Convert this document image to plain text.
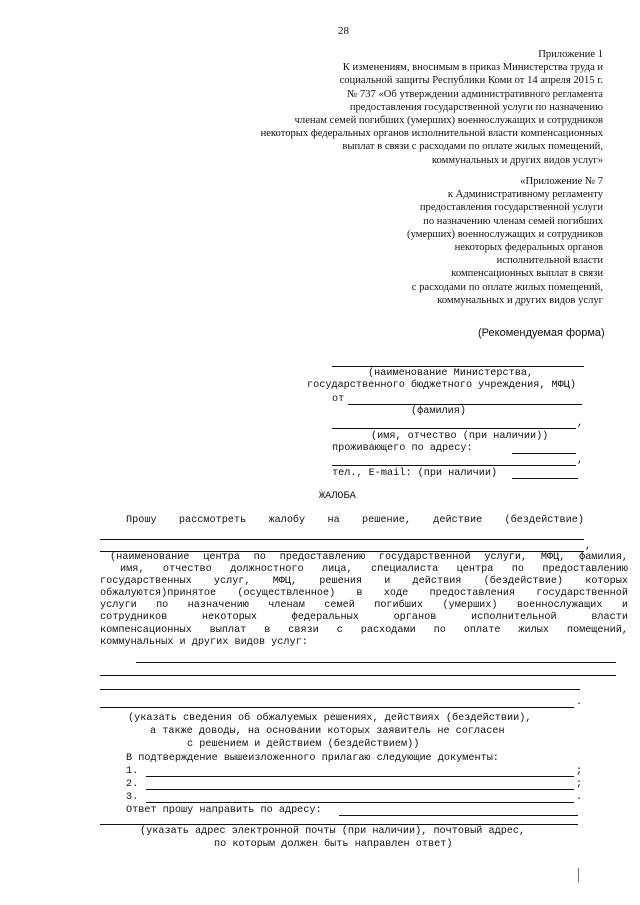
28
Приложение 1
К изменениям, вносимым в приказ Министерства труда и
социальной защиты Республики Коми от 14 апреля 2015 г.
№ 737 «Об утверждении административного регламента
предоставления государственной услуги по назначению
членам семей погибших (умерших) военнослужащих и сотрудников
некоторых федеральных органов исполнительной власти компенсационных
выплат в связи с расходами по оплате жилых помещений,
коммунальных и других видов услуг»
«Приложение № 7
к Административному регламенту
предоставления государственной услуги
по назначению членам семей погибших
(умерших) военнослужащих и сотрудников
некоторых федеральных органов
исполнительной власти
компенсационных выплат в связи
с расходами по оплате жилых помещений,
коммунальных и других видов услуг
(Рекомендуемая форма)
(наименование Министерства,
государственного бюджетного учреждения, МФЦ)
от
(фамилия)
,
(имя, отчество (при наличии))
проживающего по адресу:
,
тел., E-mail: (при наличии)
ЖАЛОБА
Прошу рассмотреть жалобу на решение, действие (бездействие)
,
(наименование центра по предоставлению государственной услуги, МФЦ, фамилия,
имя, отчество должностного лица, специалиста центра по предоставлению
государственных услуг, МФЦ, решения и действия (бездействие) которых
обжалуются)принятое (осуществленное) в ходе предоставления государственной
услуги по назначению членам семей погибших (умерших) военнослужащих и
сотрудников некоторых федеральных органов исполнительной власти
компенсационных выплат в связи с расходами по оплате жилых помещений,
коммунальных и других видов услуг:
.
(указать сведения об обжалуемых решениях, действиях (бездействии),
а также доводы, на основании которых заявитель не согласен
с решением и действием (бездействием))
В подтверждение вышеизложенного прилагаю следующие документы:
1.	;
2.	;
3.	.
Ответ прошу направить по адресу:
(указать адрес электронной почты (при наличии), почтовый адрес,
по которым должен быть направлен ответ)
│
